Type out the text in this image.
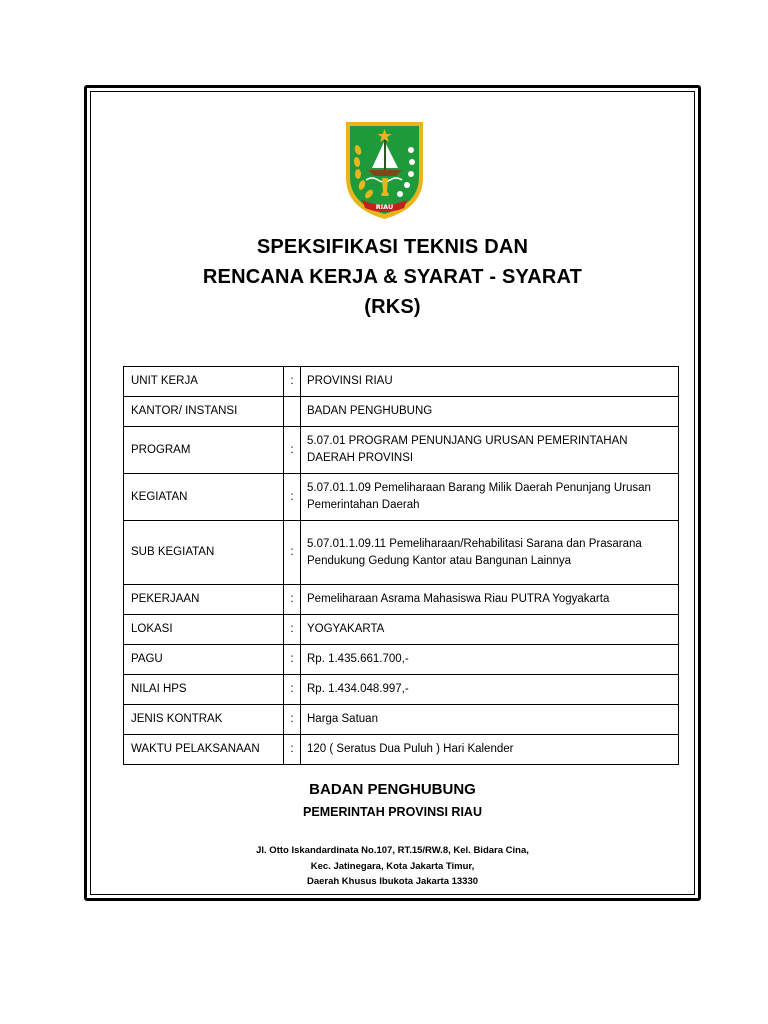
RIAU
SPEKSIFIKASI TEKNIS DAN
RENCANA KERJA & SYARAT - SYARAT
(RKS)
UNIT KERJA	:	PROVINSI RIAU
KANTOR/ INSTANSI		BADAN PENGHUBUNG
PROGRAM	:	5.07.01 PROGRAM PENUNJANG URUSAN PEMERINTAHAN DAERAH PROVINSI
KEGIATAN	:	5.07.01.1.09 Pemeliharaan Barang Milik Daerah Penunjang Urusan Pemerintahan Daerah
SUB KEGIATAN	:	5.07.01.1.09.11 Pemeliharaan/Rehabilitasi Sarana dan Prasarana Pendukung Gedung Kantor atau Bangunan Lainnya
PEKERJAAN	:	Pemeliharaan Asrama Mahasiswa Riau PUTRA Yogyakarta
LOKASI	:	YOGYAKARTA
PAGU	:	Rp. 1.435.661.700,-
NILAI HPS	:	Rp. 1.434.048.997,-
JENIS KONTRAK	:	Harga Satuan
WAKTU PELAKSANAAN	:	120 ( Seratus Dua Puluh ) Hari Kalender
BADAN PENGHUBUNG
PEMERINTAH PROVINSI RIAU
Jl. Otto Iskandardinata No.107, RT.15/RW.8, Kel. Bidara Cina,
Kec. Jatinegara, Kota Jakarta Timur,
Daerah Khusus Ibukota Jakarta 13330
